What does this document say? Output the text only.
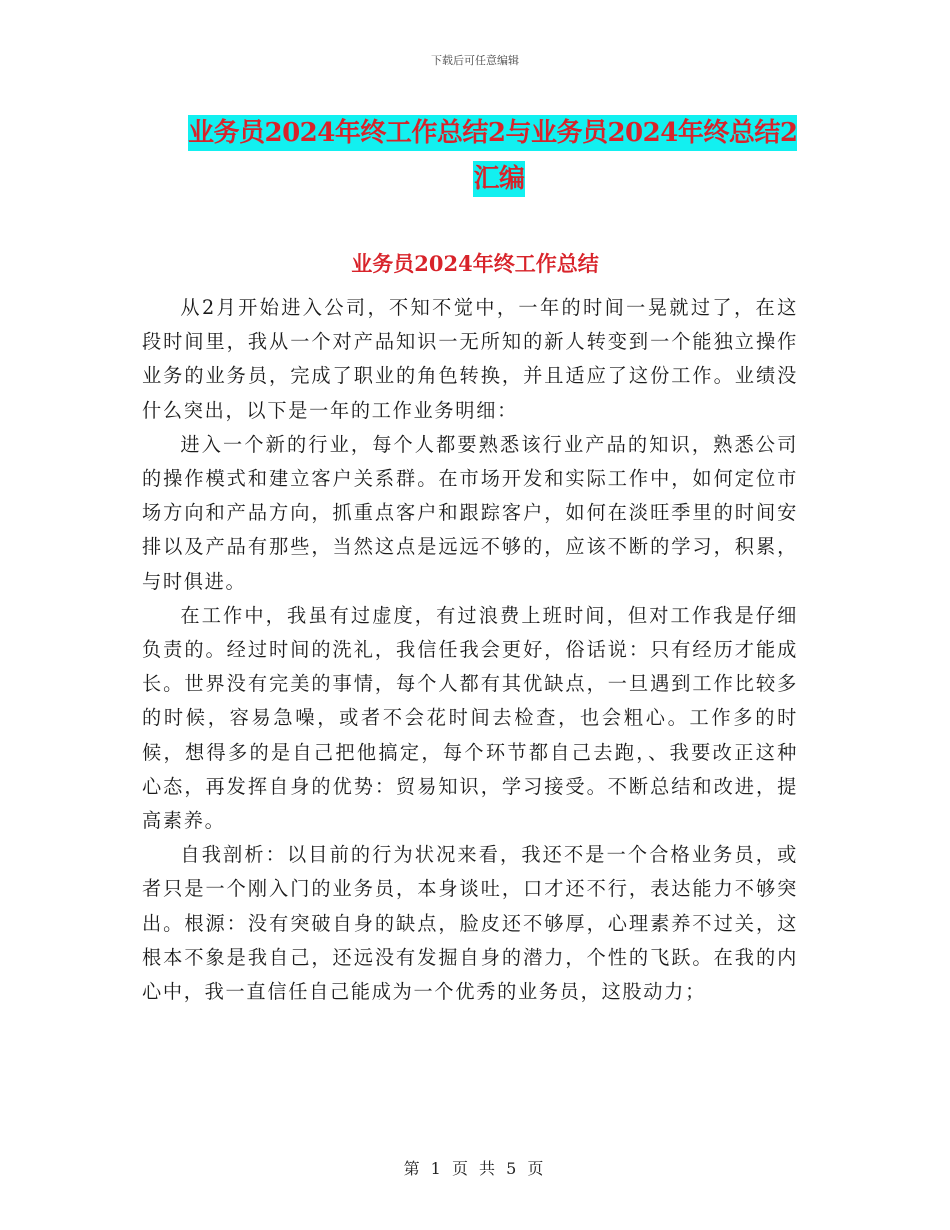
下载后可任意编辑
业务员2024年终工作总结2与业务员2024年终总结2
汇编
业务员2024年终工作总结

从2月开始进入公司，不知不觉中，一年的时间一晃就过了，在这段时间里，我从一个对产品知识一无所知的新人转变到一个能独立操作业务的业务员，完成了职业的角色转换，并且适应了这份工作。业绩没什么突出，以下是一年的工作业务明细：

进入一个新的行业，每个人都要熟悉该行业产品的知识，熟悉公司的操作模式和建立客户关系群。在市场开发和实际工作中，如何定位市场方向和产品方向，抓重点客户和跟踪客户，如何在淡旺季里的时间安排以及产品有那些，当然这点是远远不够的，应该不断的学习，积累，与时俱进。

在工作中，我虽有过虚度，有过浪费上班时间，但对工作我是仔细负责的。经过时间的洗礼，我信任我会更好，俗话说：只有经历才能成长。世界没有完美的事情，每个人都有其优缺点，一旦遇到工作比较多的时候，容易急噪，或者不会花时间去检查，也会粗心。工作多的时候，想得多的是自己把他搞定，每个环节都自己去跑，、我要改正这种心态，再发挥自身的优势：贸易知识，学习接受。不断总结和改进，提高素养。

自我剖析：以目前的行为状况来看，我还不是一个合格业务员，或者只是一个刚入门的业务员，本身谈吐，口才还不行，表达能力不够突出。根源：没有突破自身的缺点，脸皮还不够厚，心理素养不过关，这根本不象是我自己，还远没有发掘自身的潜力，个性的飞跃。在我的内心中，我一直信任自己能成为一个优秀的业务员，这股动力；

第 1 页 共 5 页
